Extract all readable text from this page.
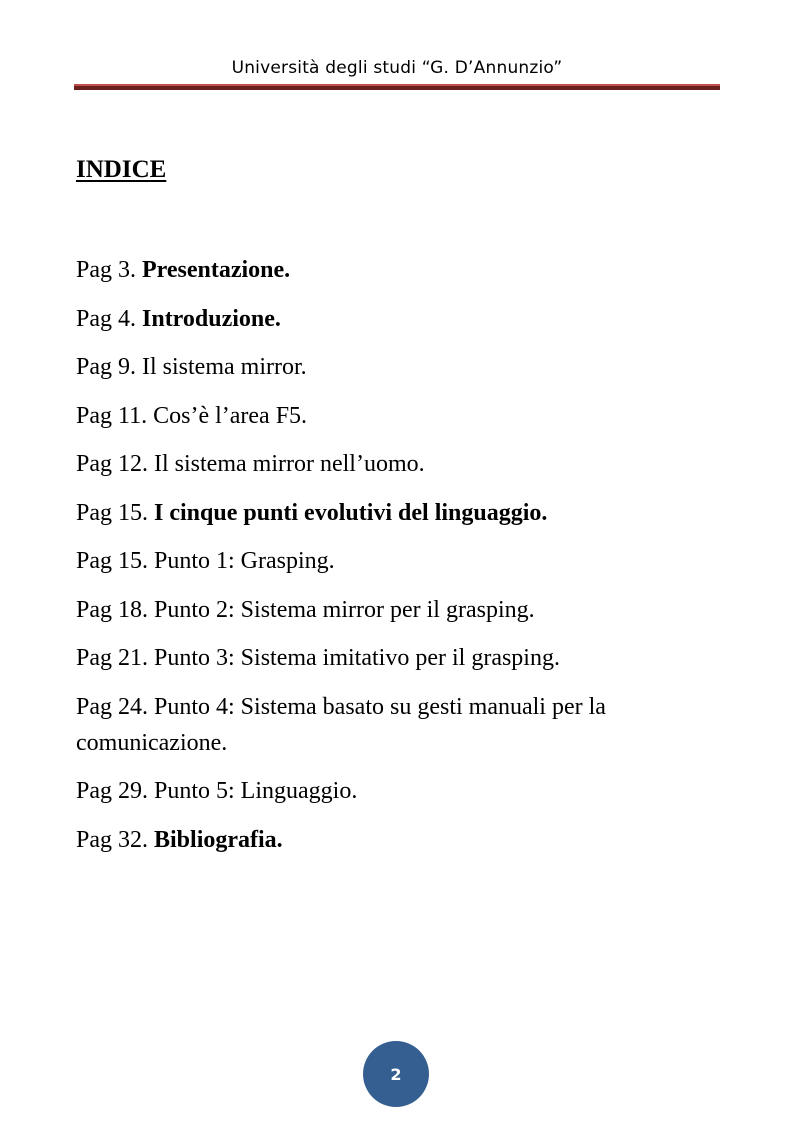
Università degli studi “G. D’Annunzio”
INDICE
Pag 3. Presentazione.
Pag 4. Introduzione.
Pag 9. Il sistema mirror.
Pag 11. Cos’è l’area F5.
Pag 12. Il sistema mirror nell’uomo.
Pag 15. I cinque punti evolutivi del linguaggio.
Pag 15. Punto 1: Grasping.
Pag 18. Punto 2: Sistema mirror per il grasping.
Pag 21. Punto 3: Sistema imitativo per il grasping.
Pag 24. Punto 4: Sistema basato su gesti manuali per la comunicazione.
Pag 29. Punto 5: Linguaggio.
Pag 32. Bibliografia.
2
